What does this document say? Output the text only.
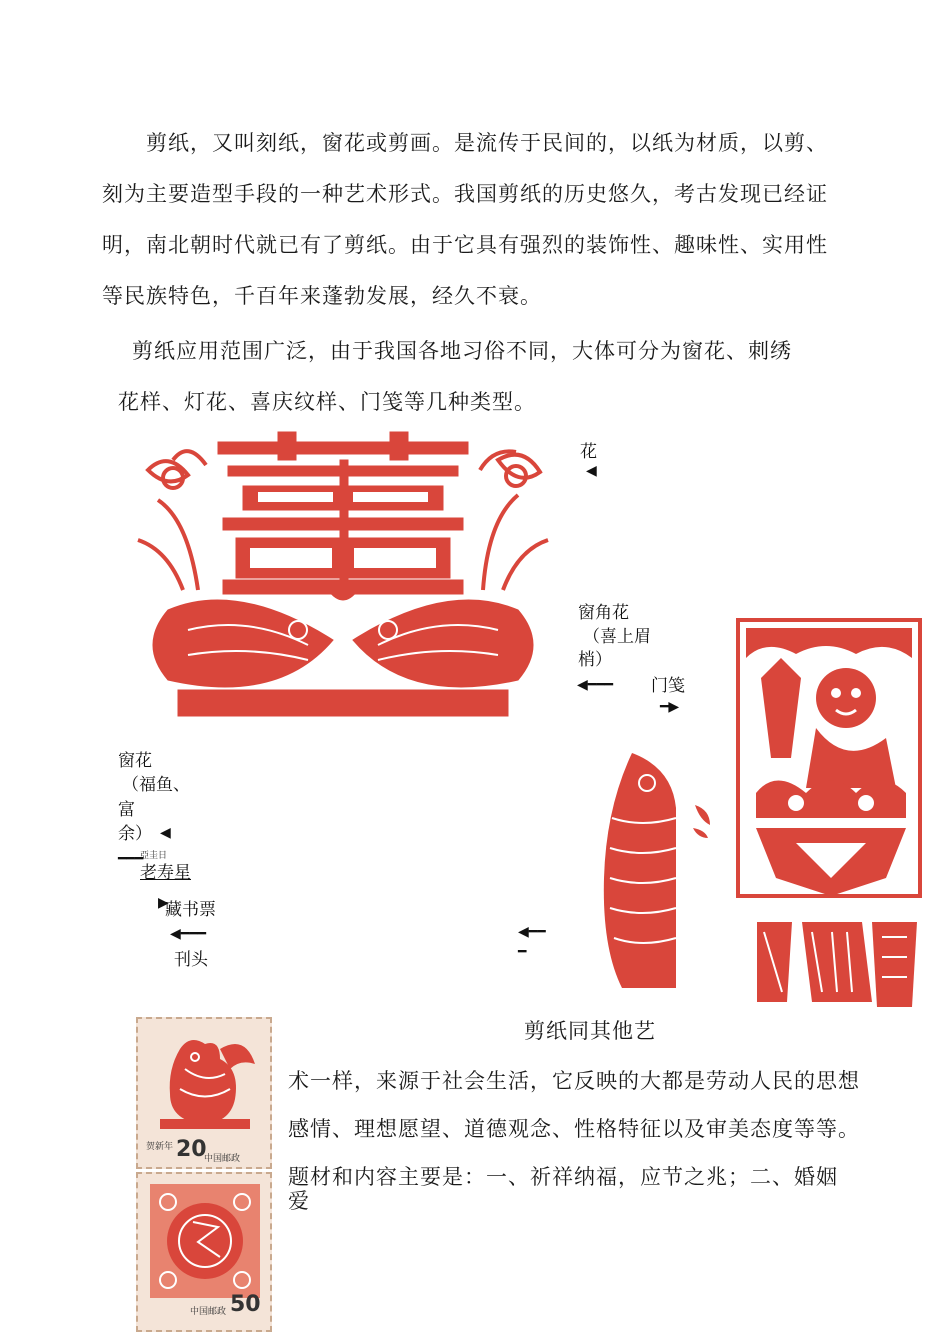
剪纸，又叫刻纸，窗花或剪画。是流传于民间的，以纸为材质，以剪、
刻为主要造型手段的一种艺术形式。我国剪纸的历史悠久，考古发现已经证
明，南北朝时代就已有了剪纸。由于它具有强烈的装饰性、趣味性、实用性
等民族特色，千百年来蓬勃发展，经久不衰。
剪纸应用范围广泛，由于我国各地习俗不同，大体可分为窗花、刺绣
花样、灯花、喜庆纹样、门笺等几种类型。
花
◀
窗角花
（喜上眉
梢）
◀━━━ 门笺
━▶
窗花
（福鱼、
富
余） ◀
亞圭日
━━━
老寿星
▶
藏书票
◀━━━
刊头
◀━━
━
贺新年 20
中国邮政
50
中国邮政
剪纸同其他艺
术一样，来源于社会生活，它反映的大都是劳动人民的思想
感情、理想愿望、道德观念、性格特征以及审美态度等等。
题材和内容主要是：一、祈祥纳福，应节之兆；二、婚姻
爱
